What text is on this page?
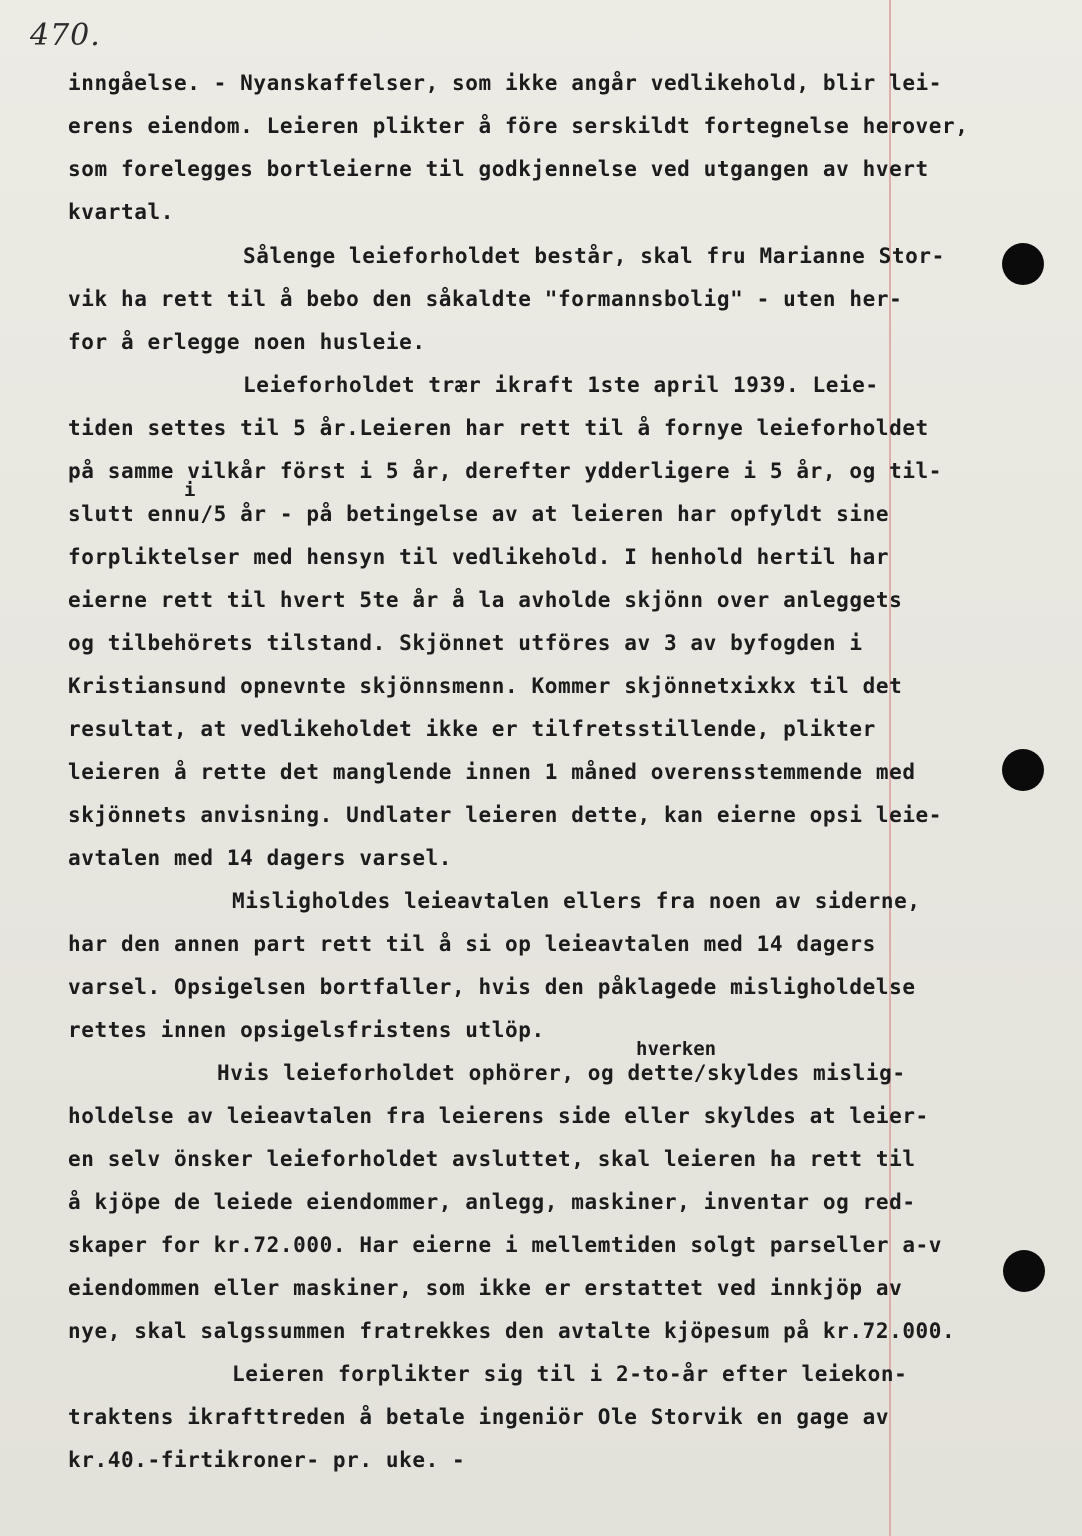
470.
inngåelse. - Nyanskaffelser, som ikke angår vedlikehold, blir lei-
erens eiendom. Leieren plikter å före serskildt fortegnelse herover,
som forelegges bortleierne til godkjennelse ved utgangen av hvert
kvartal.
Sålenge leieforholdet består, skal fru Marianne Stor-
vik ha rett til å bebo den såkaldte "formannsbolig" - uten her-
for å erlegge noen husleie.
Leieforholdet trær ikraft 1ste april 1939. Leie-
tiden settes til 5 år.Leieren har rett til å fornye leieforholdet
på samme vilkår först i 5 år, derefter ydderligere i 5 år, og til-
slutt ennu/5 år - på betingelse av at leieren har opfyldt sine
forpliktelser med hensyn til vedlikehold. I henhold hertil har
eierne rett til hvert 5te år å la avholde skjönn over anleggets
og tilbehörets tilstand. Skjönnet utföres av 3 av byfogden i
Kristiansund opnevnte skjönnsmenn. Kommer skjönnetxixkx til det
resultat, at vedlikeholdet ikke er tilfretsstillende, plikter
leieren å rette det manglende innen 1 måned overensstemmende med
skjönnets anvisning. Undlater leieren dette, kan eierne opsi leie-
avtalen med 14 dagers varsel.
Misligholdes leieavtalen ellers fra noen av siderne,
har den annen part rett til å si op leieavtalen med 14 dagers
varsel. Opsigelsen bortfaller, hvis den påklagede misligholdelse
rettes innen opsigelsfristens utlöp.
Hvis leieforholdet ophörer, og dette/skyldes mislig-
holdelse av leieavtalen fra leierens side eller skyldes at leier-
en selv önsker leieforholdet avsluttet, skal leieren ha rett til
å kjöpe de leiede eiendommer, anlegg, maskiner, inventar og red-
skaper for kr.72.000. Har eierne i mellemtiden solgt parseller a-v
eiendommen eller maskiner, som ikke er erstattet ved innkjöp av
nye, skal salgssummen fratrekkes den avtalte kjöpesum på kr.72.000.
Leieren forplikter sig til i 2-to-år efter leiekon-
traktens ikrafttreden å betale ingeniör Ole Storvik en gage av
kr.40.-firtikroner- pr. uke. -
i
hverken
